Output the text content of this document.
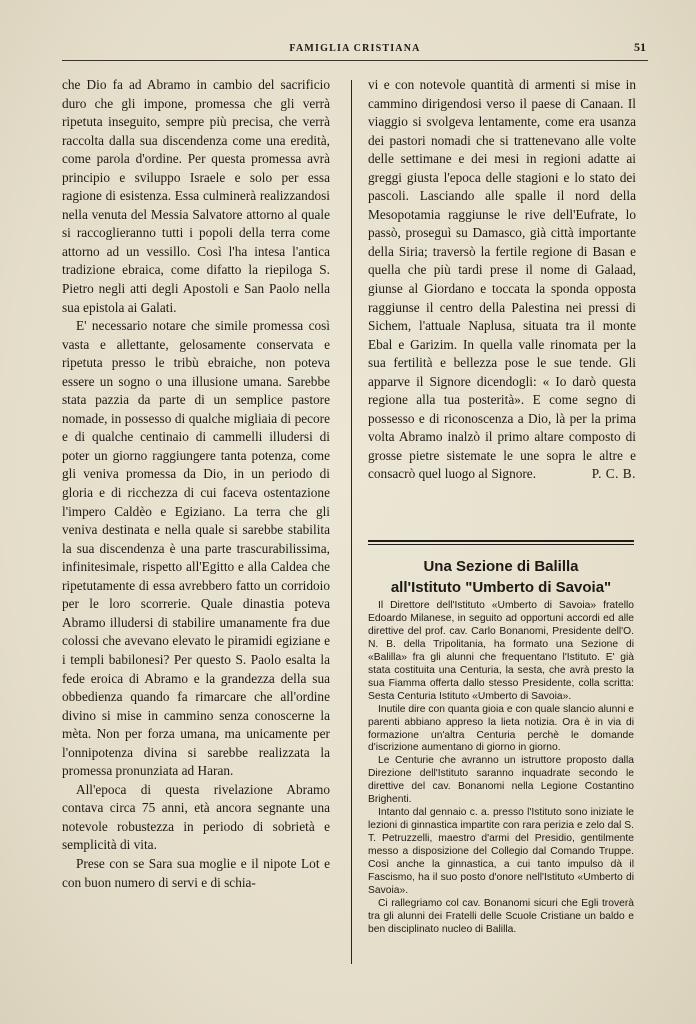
FAMIGLIA CRISTIANA	51

che Dio fa ad Abramo in cambio del sacrificio duro che gli impone, promessa che gli verrà ripetuta inseguito, sempre più precisa, che verrà raccolta dalla sua discendenza come una eredità, come parola d'ordine. Per questa promessa avrà principio e sviluppo Israele e solo per essa ragione di esistenza. Essa culminerà realizzandosi nella venuta del Messia Salvatore attorno al quale si raccoglieranno tutti i popoli della terra come attorno ad un vessillo. Così l'ha intesa l'antica tradizione ebraica, come difatto la riepiloga S. Pietro negli atti degli Apostoli e San Paolo nella sua epistola ai Galati.

E' necessario notare che simile promessa così vasta e allettante, gelosamente conservata e ripetuta presso le tribù ebraiche, non poteva essere un sogno o una illusione umana. Sarebbe stata pazzia da parte di un semplice pastore nomade, in possesso di qualche migliaia di pecore e di qualche centinaio di cammelli illudersi di poter un giorno raggiungere tanta potenza, come gli veniva promessa da Dio, in un periodo di gloria e di ricchezza di cui faceva ostentazione l'impero Caldèo e Egiziano. La terra che gli veniva destinata e nella quale si sarebbe stabilita la sua discendenza è una parte trascurabilissima, infinitesimale, rispetto all'Egitto e alla Caldea che ripetutamente di essa avrebbero fatto un corridoio per le loro scorrerie. Quale dinastia poteva Abramo illudersi di stabilire umanamente fra due colossi che avevano elevato le piramidi egiziane e i templi babilonesi? Per questo S. Paolo esalta la fede eroica di Abramo e la grandezza della sua obbedienza quando fa rimarcare che all'ordine divino si mise in cammino senza conoscerne la mèta. Non per forza umana, ma unicamente per l'onnipotenza divina si sarebbe realizzata la promessa pronunziata ad Haran.

All'epoca di questa rivelazione Abramo contava circa 75 anni, età ancora segnante una notevole robustezza in periodo di sobrietà e semplicità di vita.

Prese con se Sara sua moglie e il nipote Lot e con buon numero di servi e di schia-

vi e con notevole quantità di armenti si mise in cammino dirigendosi verso il paese di Canaan. Il viaggio si svolgeva lentamente, come era usanza dei pastori nomadi che si trattenevano alle volte delle settimane e dei mesi in regioni adatte ai greggi giusta l'epoca delle stagioni e lo stato dei pascoli. Lasciando alle spalle il nord della Mesopotamia raggiunse le rive dell'Eufrate, lo passò, proseguì su Damasco, già città importante della Siria; traversò la fertile regione di Basan e quella che più tardi prese il nome di Galaad, giunse al Giordano e toccata la sponda opposta raggiunse il centro della Palestina nei pressi di Sichem, l'attuale Naplusa, situata tra il monte Ebal e Garizim. In quella valle rinomata per la sua fertilità e bellezza pose le sue tende. Gli apparve il Signore dicendogli: « Io darò questa regione alla tua posterità». E come segno di possesso e di riconoscenza a Dio, là per la prima volta Abramo inalzò il primo altare composto di grosse pietre sistemate le une sopra le altre e consacrò quel luogo al Signore.	P. C. B.

Una Sezione di Balilla
all'Istituto "Umberto di Savoia"

Il Direttore dell'Istituto «Umberto di Savoia» fratello Edoardo Milanese, in seguito ad opportuni accordi ed alle direttive del prof. cav. Carlo Bonanomi, Presidente dell'O. N. B. della Tripolitania, ha formato una Sezione di «Balilla» fra gli alunni che frequentano l'Istituto. E' già stata costituita una Centuria, la sesta, che avrà presto la sua Fiamma offerta dallo stesso Presidente, colla scritta: Sesta Centuria Istituto «Umberto di Savoia».

Inutile dire con quanta gioia e con quale slancio alunni e parenti abbiano appreso la lieta notizia. Ora è in via di formazione un'altra Centuria perchè le domande d'iscrizione aumentano di giorno in giorno.

Le Centurie che avranno un istruttore proposto dalla Direzione dell'Istituto saranno inquadrate secondo le direttive del cav. Bonanomi nella Legione Costantino Brighenti.

Intanto dal gennaio c. a. presso l'Istituto sono iniziate le lezioni di ginnastica impartite con rara perizia e zelo dal S. T. Petruzzelli, maestro d'armi del Presidio, gentilmente messo a disposizione del Collegio dal Comando Truppe. Così anche la ginnastica, a cui tanto impulso dà il Fascismo, ha il suo posto d'onore nell'Istituto «Umberto di Savoia».

Ci rallegriamo col cav. Bonanomi sicuri che Egli troverà tra gli alunni dei Fratelli delle Scuole Cristiane un baldo e ben disciplinato nucleo di Balilla.
